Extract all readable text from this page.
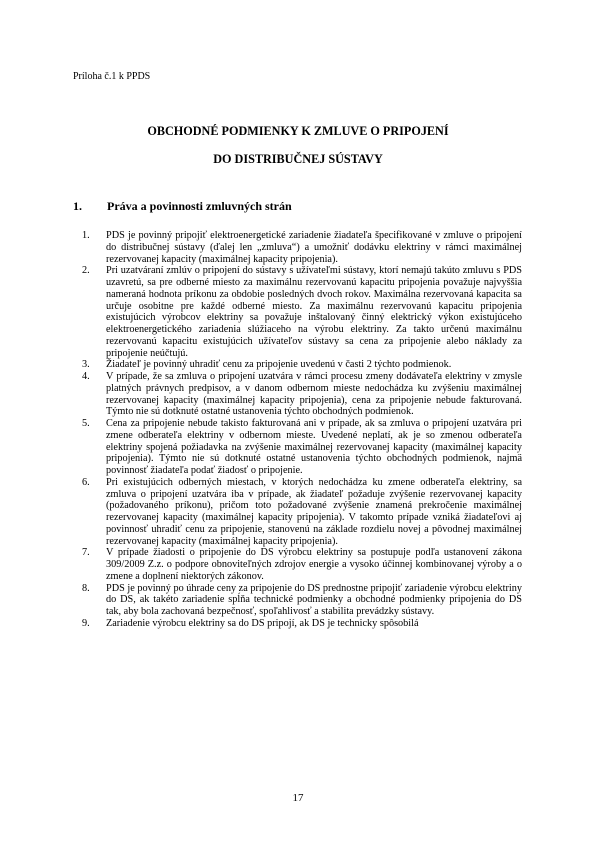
Príloha č.1 k PPDS
OBCHODNÉ PODMIENKY K ZMLUVE O PRIPOJENÍ
DO DISTRIBUČNEJ SÚSTAVY
1. Práva a povinnosti zmluvných strán
1. PDS je povinný pripojiť elektroenergetické zariadenie žiadateľa špecifikované v zmluve o pripojení do distribučnej sústavy (ďalej len „zmluva“) a umožniť dodávku elektriny v rámci maximálnej rezervovanej kapacity (maximálnej kapacity pripojenia).
2. Pri uzatváraní zmlúv o pripojení do sústavy s užívateľmi sústavy, ktorí nemajú takúto zmluvu s PDS uzavretú, sa pre odberné miesto za maximálnu rezervovanú kapacitu pripojenia považuje najvyššia nameraná hodnota príkonu za obdobie posledných dvoch rokov. Maximálna rezervovaná kapacita sa určuje osobitne pre každé odberné miesto. Za maximálnu rezervovanú kapacitu pripojenia existujúcich výrobcov elektriny sa považuje inštalovaný činný elektrický výkon existujúceho elektroenergetického zariadenia slúžiaceho na výrobu elektriny. Za takto určenú maximálnu rezervovanú kapacitu existujúcich užívateľov sústavy sa cena za pripojenie alebo náklady za pripojenie neúčtujú.
3. Žiadateľ je povinný uhradiť cenu za pripojenie uvedenú v časti 2 týchto podmienok.
4. V prípade, že sa zmluva o pripojení uzatvára v rámci procesu zmeny dodávateľa elektriny v zmysle platných právnych predpisov, a v danom odbernom mieste nedochádza ku zvýšeniu maximálnej rezervovanej kapacity (maximálnej kapacity pripojenia), cena za pripojenie nebude fakturovaná. Týmto nie sú dotknuté ostatné ustanovenia týchto obchodných podmienok.
5. Cena za pripojenie nebude takisto fakturovaná ani v prípade, ak sa zmluva o pripojení uzatvára pri zmene odberateľa elektriny v odbernom mieste. Uvedené neplatí, ak je so zmenou odberateľa elektriny spojená požiadavka na zvýšenie maximálnej rezervovanej kapacity (maximálnej kapacity pripojenia). Týmto nie sú dotknuté ostatné ustanovenia týchto obchodných podmienok, najmä povinnosť žiadateľa podať žiadosť o pripojenie.
6. Pri existujúcich odberných miestach, v ktorých nedochádza ku zmene odberateľa elektriny, sa zmluva o pripojení uzatvára iba v prípade, ak žiadateľ požaduje zvýšenie rezervovanej kapacity (požadovaného príkonu), pričom toto požadované zvýšenie znamená prekročenie maximálnej rezervovanej kapacity (maximálnej kapacity pripojenia). V takomto prípade vzniká žiadateľovi aj povinnosť uhradiť cenu za pripojenie, stanovenú na základe rozdielu novej a pôvodnej maximálnej rezervovanej kapacity (maximálnej kapacity pripojenia).
7. V prípade žiadosti o pripojenie do DS výrobcu elektriny sa postupuje podľa ustanovení zákona 309/2009 Z.z. o podpore obnoviteľných zdrojov energie a vysoko účinnej kombinovanej výroby a o zmene a doplnení niektorých zákonov.
8. PDS je povinný po úhrade ceny za pripojenie do DS prednostne pripojiť zariadenie výrobcu elektriny do DS, ak takéto zariadenie spĺňa technické podmienky a obchodné podmienky pripojenia do DS tak, aby bola zachovaná bezpečnosť, spoľahlivosť a stabilita prevádzky sústavy.
9. Zariadenie výrobcu elektriny sa do DS pripojí, ak DS je technicky spôsobilá
17
